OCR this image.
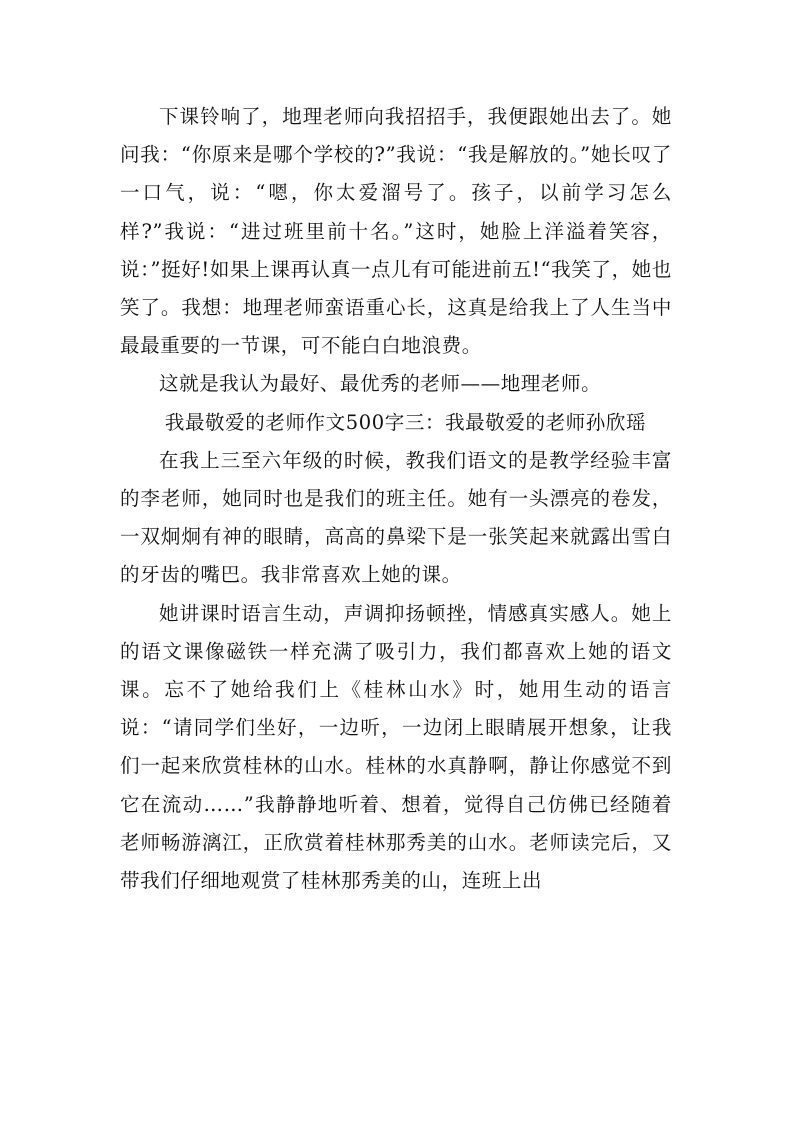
下课铃响了，地理老师向我招招手，我便跟她出去了。她问我：“你原来是哪个学校的?”我说：“我是解放的。”她长叹了一口气，说：“嗯，你太爱溜号了。孩子，以前学习怎么样?”我说：“进过班里前十名。”这时，她脸上洋溢着笑容，说：”挺好!如果上课再认真一点儿有可能进前五!“我笑了，她也笑了。我想：地理老师蛮语重心长，这真是给我上了人生当中最最重要的一节课，可不能白白地浪费。

这就是我认为最好、最优秀的老师——地理老师。

我最敬爱的老师作文500字三：我最敬爱的老师孙欣瑶

在我上三至六年级的时候，教我们语文的是教学经验丰富的李老师，她同时也是我们的班主任。她有一头漂亮的卷发，一双炯炯有神的眼睛，高高的鼻梁下是一张笑起来就露出雪白的牙齿的嘴巴。我非常喜欢上她的课。

她讲课时语言生动，声调抑扬顿挫，情感真实感人。她上的语文课像磁铁一样充满了吸引力，我们都喜欢上她的语文课。忘不了她给我们上《桂林山水》时，她用生动的语言说：“请同学们坐好，一边听，一边闭上眼睛展开想象，让我们一起来欣赏桂林的山水。桂林的水真静啊，静让你感觉不到它在流动……”我静静地听着、想着，觉得自己仿佛已经随着老师畅游漓江，正欣赏着桂林那秀美的山水。老师读完后，又带我们仔细地观赏了桂林那秀美的山，连班上出
